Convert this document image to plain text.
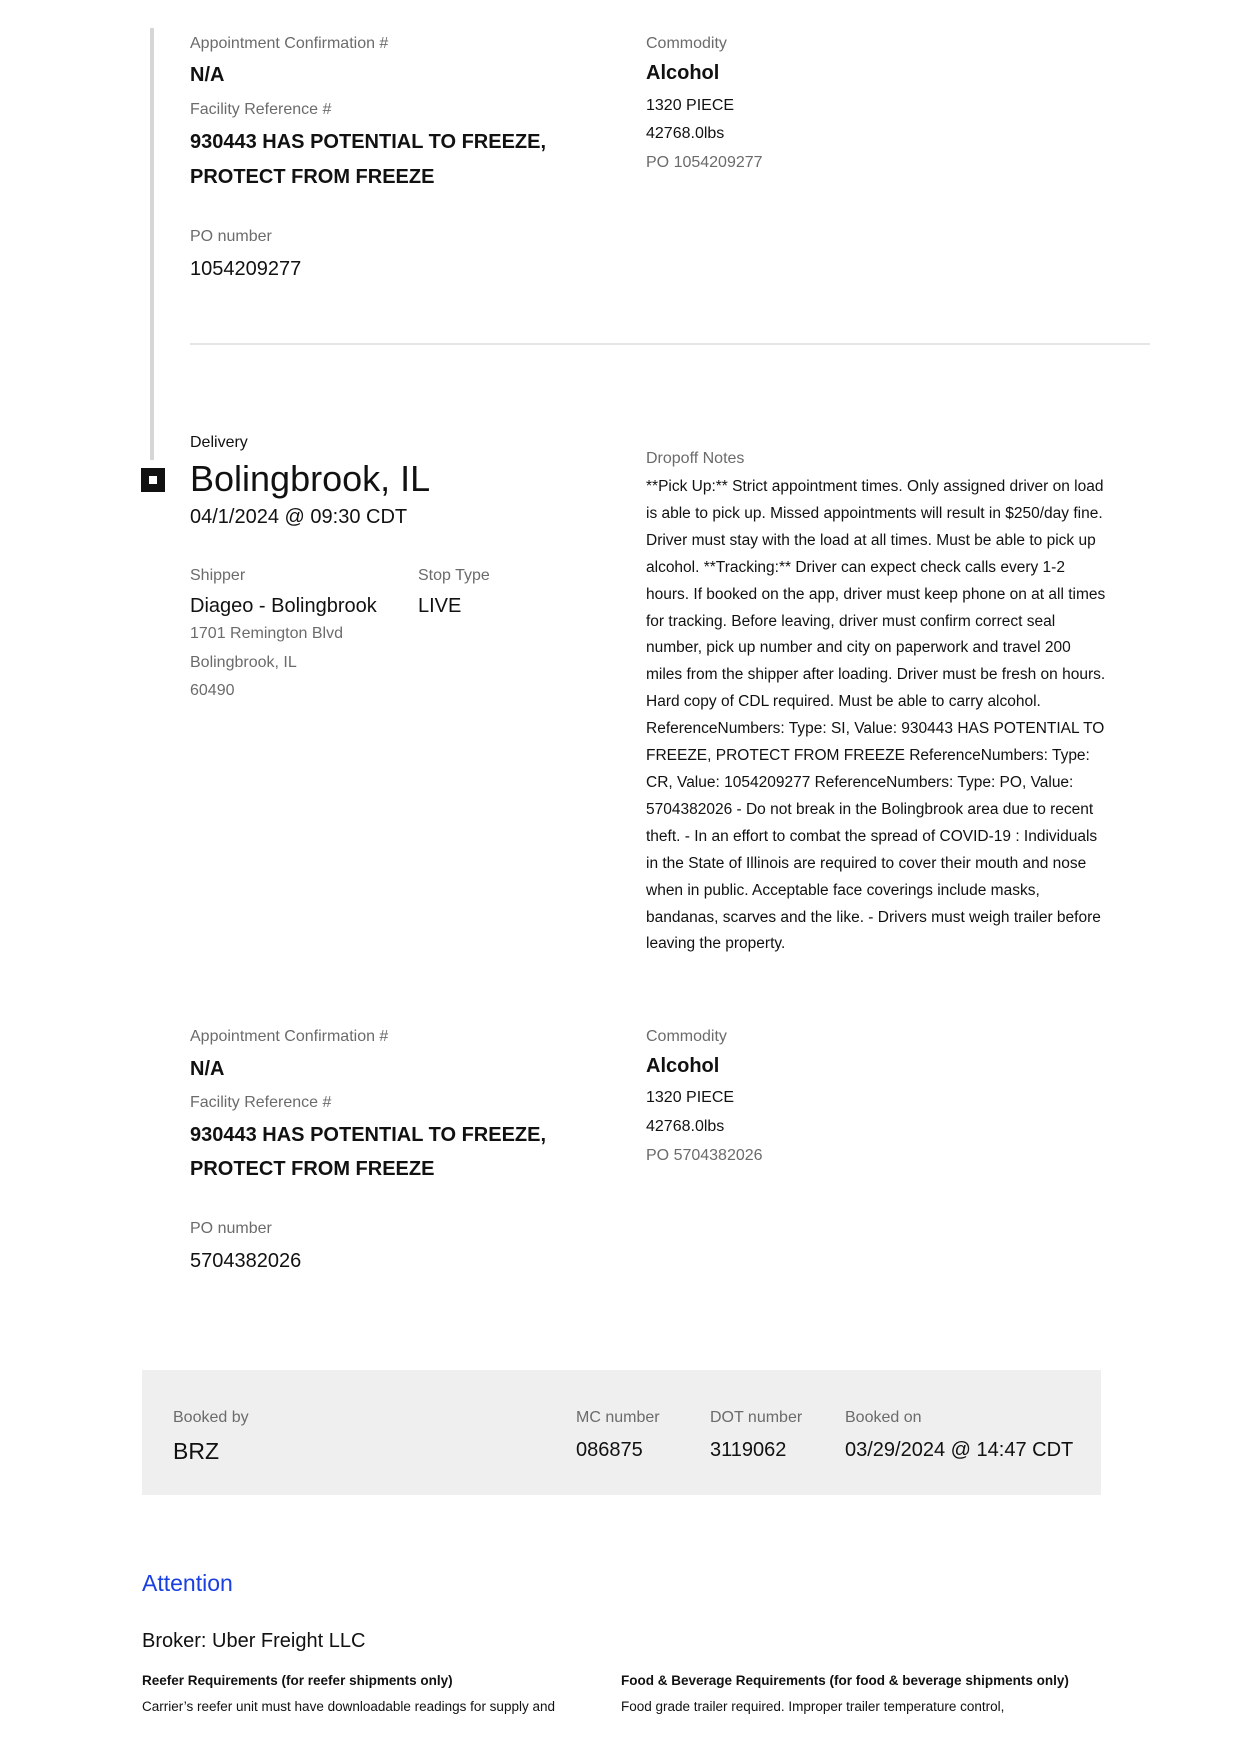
Appointment Confirmation #
N/A
Facility Reference #
930443 HAS POTENTIAL TO FREEZE,
PROTECT FROM FREEZE
PO number
1054209277
Commodity
Alcohol
1320 PIECE
42768.0lbs
PO 1054209277
Delivery
Bolingbrook, IL
04/1/2024 @ 09:30 CDT
Shipper
Diageo - Bolingbrook
1701 Remington Blvd
Bolingbrook, IL
60490
Stop Type
LIVE
Dropoff Notes
**Pick Up:** Strict appointment times. Only assigned driver on load is able to pick up. Missed appointments will result in $250/day fine. Driver must stay with the load at all times. Must be able to pick up alcohol. **Tracking:** Driver can expect check calls every 1-2 hours. If booked on the app, driver must keep phone on at all times for tracking. Before leaving, driver must confirm correct seal number, pick up number and city on paperwork and travel 200 miles from the shipper after loading. Driver must be fresh on hours. Hard copy of CDL required. Must be able to carry alcohol. ReferenceNumbers: Type: SI, Value: 930443 HAS POTENTIAL TO FREEZE, PROTECT FROM FREEZE ReferenceNumbers: Type: CR, Value: 1054209277 ReferenceNumbers: Type: PO, Value: 5704382026 - Do not break in the Bolingbrook area due to recent theft. - In an effort to combat the spread of COVID-19 : Individuals in the State of Illinois are required to cover their mouth and nose when in public. Acceptable face coverings include masks, bandanas, scarves and the like. - Drivers must weigh trailer before leaving the property.
Appointment Confirmation #
N/A
Facility Reference #
930443 HAS POTENTIAL TO FREEZE,
PROTECT FROM FREEZE
PO number
5704382026
Commodity
Alcohol
1320 PIECE
42768.0lbs
PO 5704382026
Booked by
BRZ
MC number
086875
DOT number
3119062
Booked on
03/29/2024 @ 14:47 CDT
Attention
Broker: Uber Freight LLC
Reefer Requirements (for reefer shipments only)
Carrier’s reefer unit must have downloadable readings for supply and
Food & Beverage Requirements (for food & beverage shipments only)
Food grade trailer required. Improper trailer temperature control,
